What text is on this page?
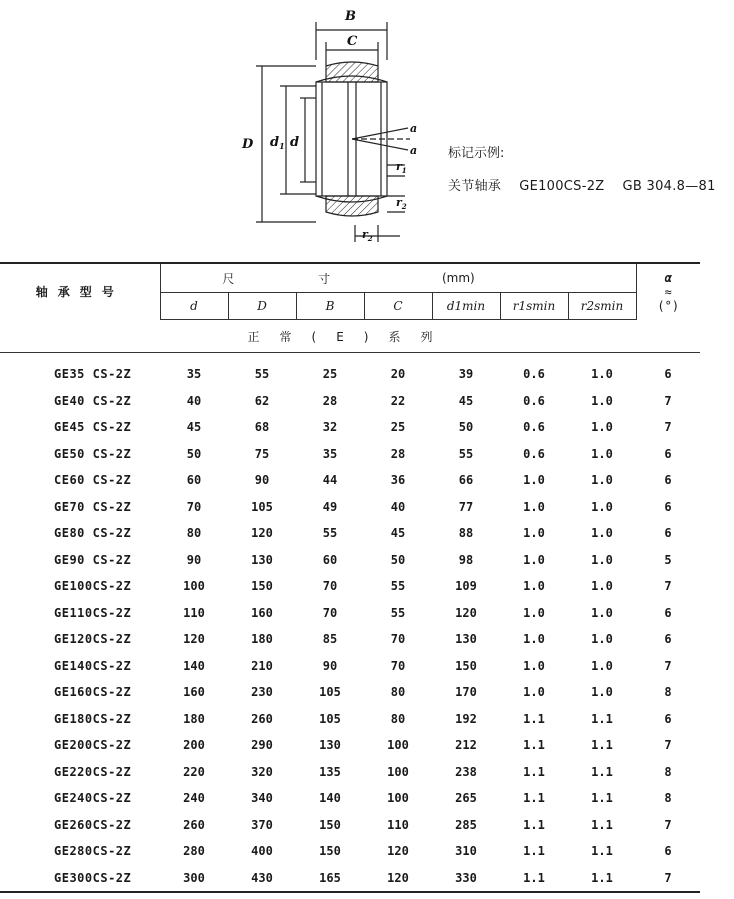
B
C
D $d_1$ d
a
a
$r_1$
$r_2$
$r_2$
标记示例:
关节轴承 GE100CS-2Z GB 304.8—81
轴承型号	尺 寸				(mm)			α
≈
(°)

	d	D	B	C	d1min	r1smin	r2smin	
正常(E)系列								
GE35 CS-2Z	35	55	25	20	39	0.6	1.0	6
GE40 CS-2Z	40	62	28	22	45	0.6	1.0	7
GE45 CS-2Z	45	68	32	25	50	0.6	1.0	7
GE50 CS-2Z	50	75	35	28	55	0.6	1.0	6
CE60 CS-2Z	60	90	44	36	66	1.0	1.0	6
GE70 CS-2Z	70	105	49	40	77	1.0	1.0	6
GE80 CS-2Z	80	120	55	45	88	1.0	1.0	6
GE90 CS-2Z	90	130	60	50	98	1.0	1.0	5
GE100CS-2Z	100	150	70	55	109	1.0	1.0	7
GE110CS-2Z	110	160	70	55	120	1.0	1.0	6
GE120CS-2Z	120	180	85	70	130	1.0	1.0	6
GE140CS-2Z	140	210	90	70	150	1.0	1.0	7
GE160CS-2Z	160	230	105	80	170	1.0	1.0	8
GE180CS-2Z	180	260	105	80	192	1.1	1.1	6
GE200CS-2Z	200	290	130	100	212	1.1	1.1	7
GE220CS-2Z	220	320	135	100	238	1.1	1.1	8
GE240CS-2Z	240	340	140	100	265	1.1	1.1	8
GE260CS-2Z	260	370	150	110	285	1.1	1.1	7
GE280CS-2Z	280	400	150	120	310	1.1	1.1	6
GE300CS-2Z	300	430	165	120	330	1.1	1.1	7
